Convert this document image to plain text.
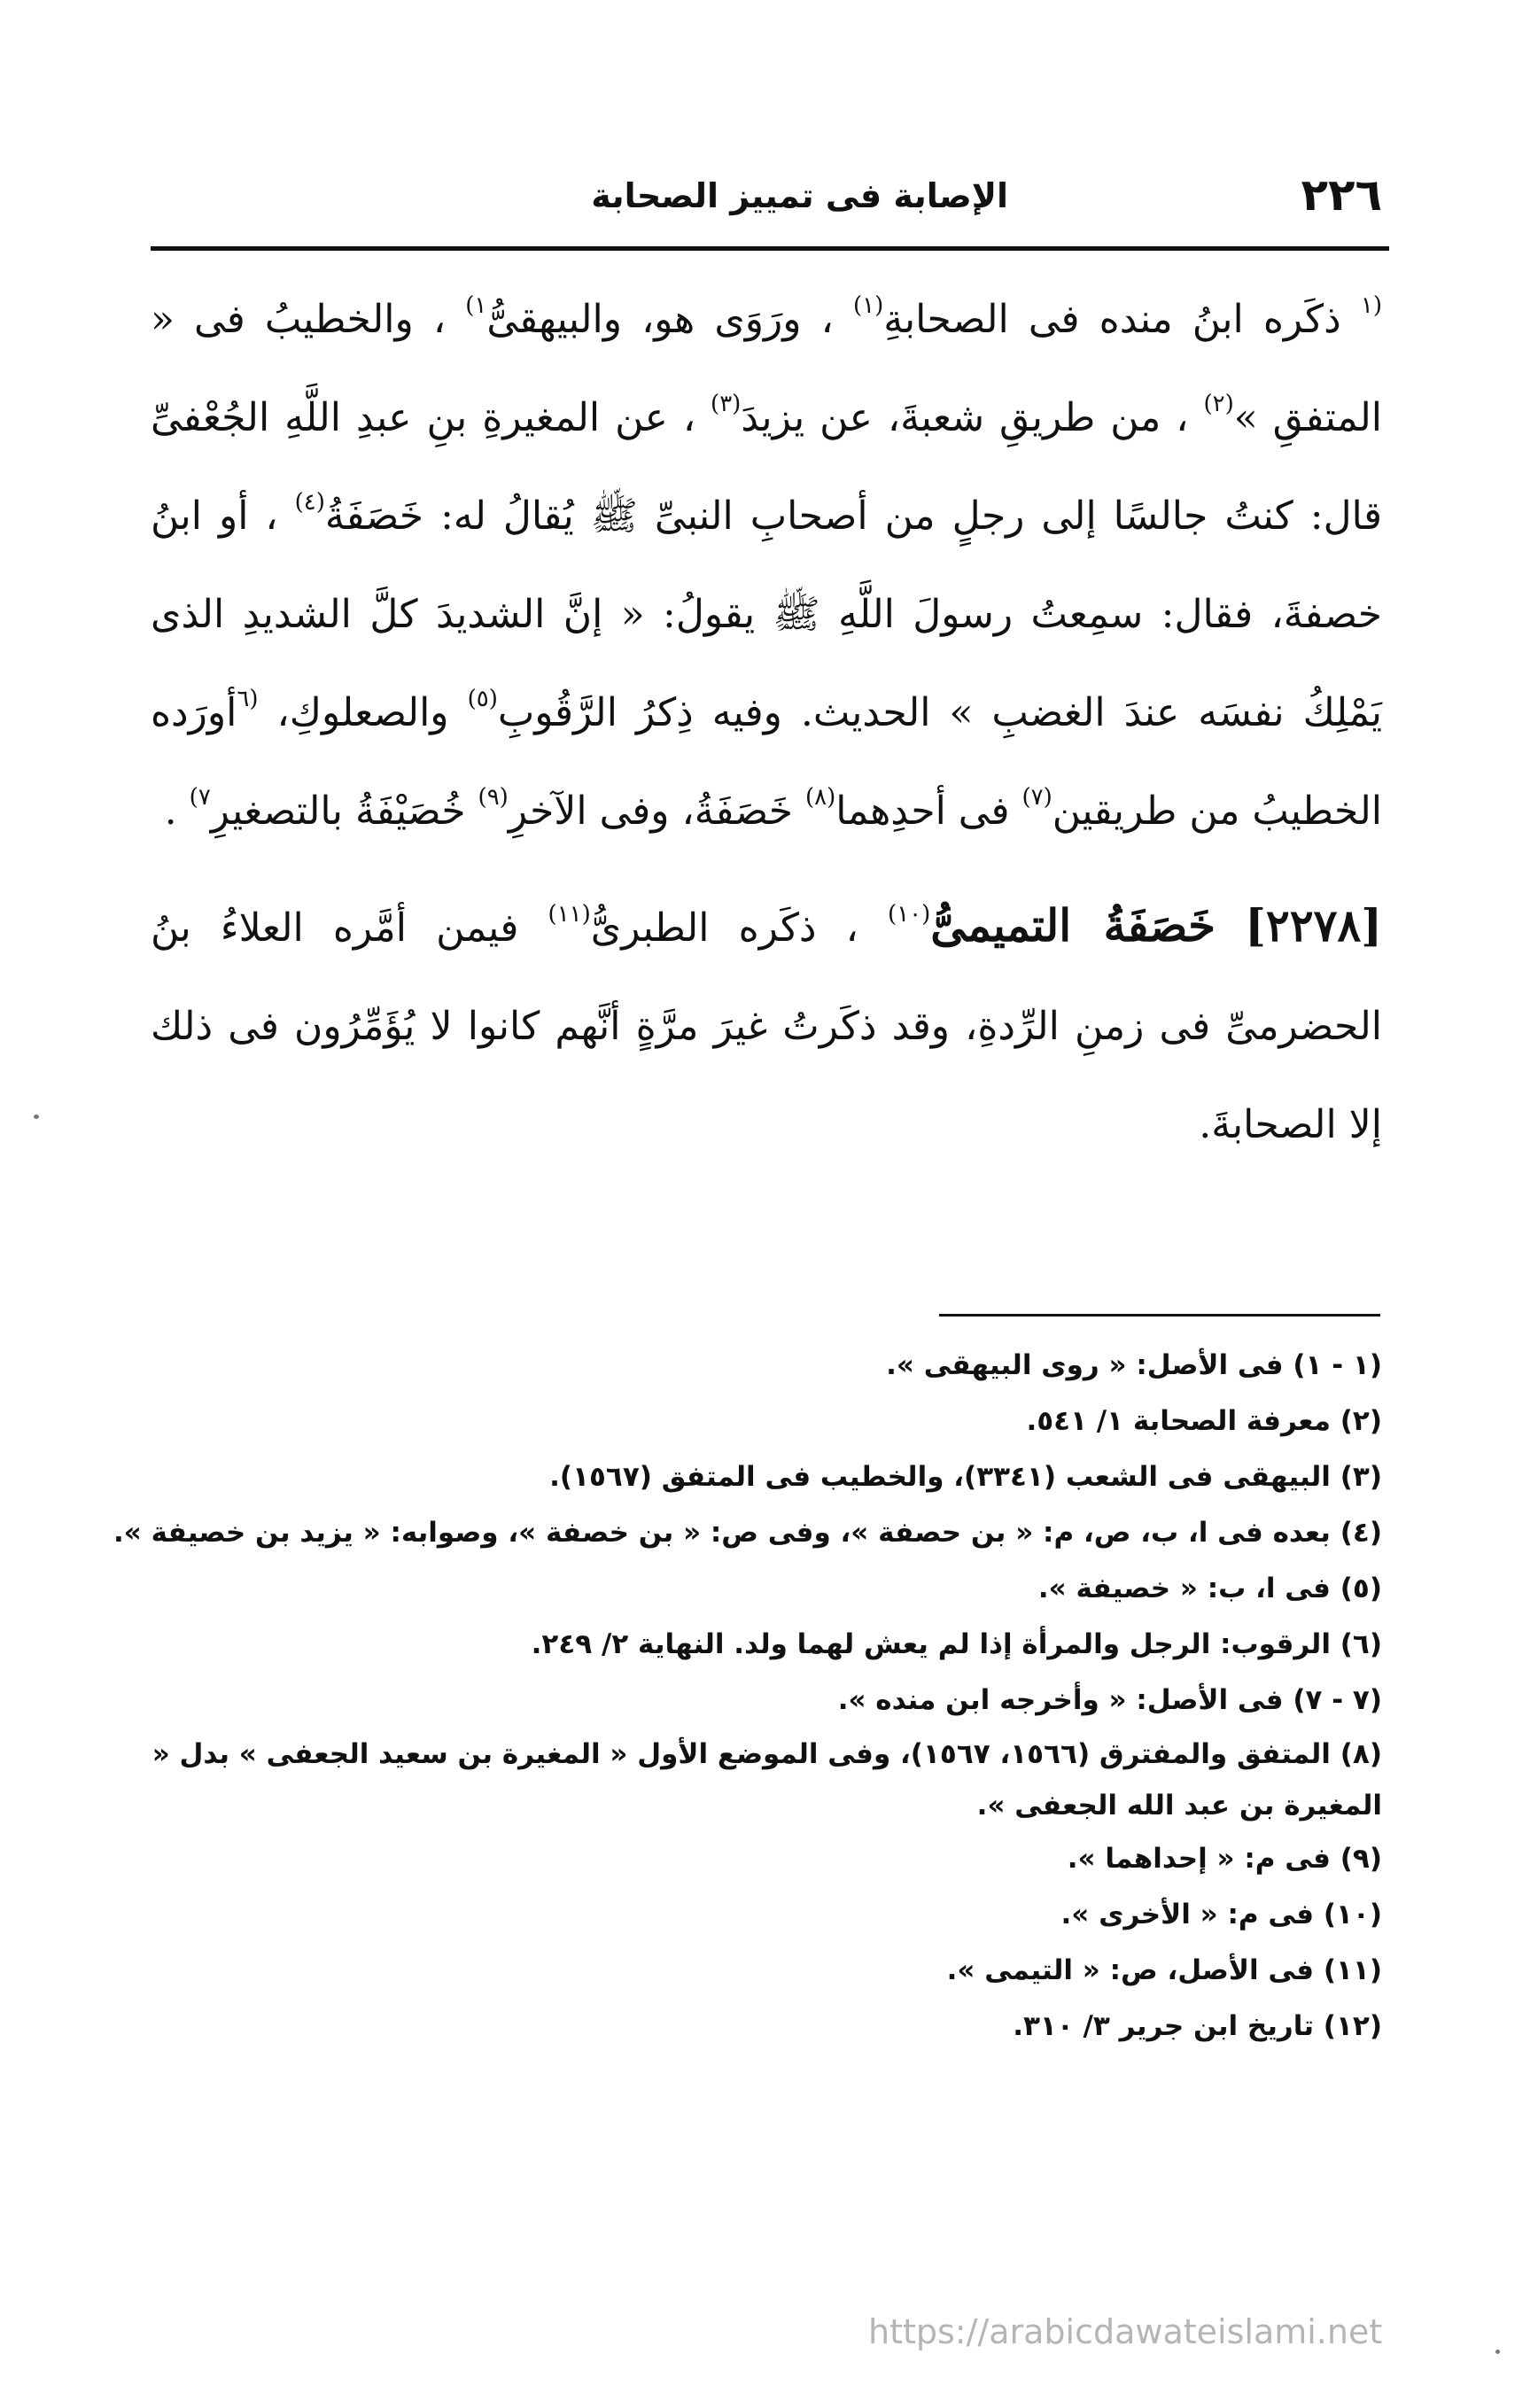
٢٢٦
الإصابة فى تمييز الصحابة

$^{(١}$ ذكَره ابنُ منده فى الصحابةِ$^{(١)}$ ، ورَوَى هو، والبيهقىُّ$^{١)}$ ، والخطيبُ فى « المتفقِ »$^{(٢)}$ ، من طريقِ شعبةَ، عن يزيدَ$^{(٣)}$ ، عن المغيرةِ بنِ عبدِ اللَّهِ الجُعْفىِّ قال: كنتُ جالسًا إلى رجلٍ من أصحابِ النبىِّ ﷺ يُقالُ له: خَصَفَةُ$^{(٤)}$ ، أو ابنُ خصفةَ، فقال: سمِعتُ رسولَ اللَّهِ ﷺ يقولُ: « إنَّ الشديدَ كلَّ الشديدِ الذى يَمْلِكُ نفسَه عندَ الغضبِ » الحديث. وفيه ذِكرُ الرَّقُوبِ$^{(٥)}$ والصعلوكِ، $^{(٦}$أورَده الخطيبُ من طريقين$^{(٧)}$ فى أحدِهما$^{(٨)}$ خَصَفَةُ، وفى الآخرِ$^{(٩)}$ خُصَيْفَةُ بالتصغيرِ$^{٧)}$ .

[٢٢٧٨] خَصَفَةُ التميمىُّ$^{(١٠)}$ ، ذكَره الطبرىُّ$^{(١١)}$ فيمن أمَّره العلاءُ بنُ الحضرمىِّ فى زمنِ الرِّدةِ، وقد ذكَرتُ غيرَ مرَّةٍ أنَّهم كانوا لا يُؤَمِّرُون فى ذلك إلا الصحابةَ.

(١ - ١) فى الأصل: « روى البيهقى ».

(٢) معرفة الصحابة ١/ ٥٤١.

(٣) البيهقى فى الشعب (٣٣٤١)، والخطيب فى المتفق (١٥٦٧).

(٤) بعده فى ا، ب، ص، م: « بن حصفة »، وفى ص: « بن خصفة »، وصوابه: « يزيد بن خصيفة ».

(٥) فى ا، ب: « خصيفة ».

(٦) الرقوب: الرجل والمرأة إذا لم يعش لهما ولد. النهاية ٢/ ٢٤٩.

(٧ - ٧) فى الأصل: « وأخرجه ابن منده ».

(٨) المتفق والمفترق (١٥٦٦، ١٥٦٧)، وفى الموضع الأول « المغيرة بن سعيد الجعفى » بدل « المغيرة بن عبد الله الجعفى ».

(٩) فى م: « إحداهما ».

(١٠) فى م: « الأخرى ».

(١١) فى الأصل، ص: « التيمى ».

(١٢) تاريخ ابن جرير ٣/ ٣١٠.

https://arabicdawateislami.net
